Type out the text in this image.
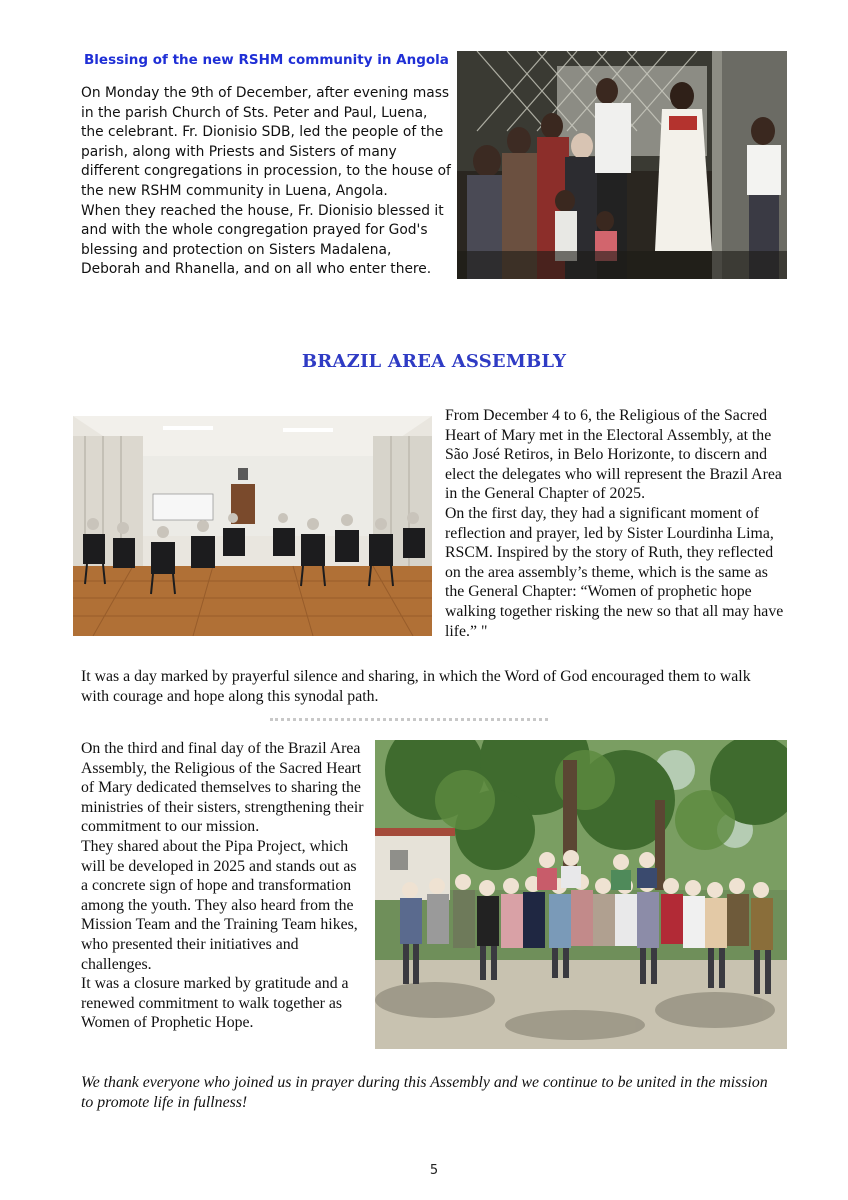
Blessing of the new RSHM community in Angola

On Monday the 9th of December, after evening mass in the parish Church of Sts. Peter and Paul, Luena, the celebrant. Fr. Dionisio SDB, led the people of the parish, along with Priests and Sisters of many different congregations in procession, to the house of the new RSHM community in Luena, Angola.

When they reached the house, Fr. Dionisio blessed it and with the whole congregation prayed for God's blessing and protection on Sisters Madalena, Deborah and Rhanella, and on all who enter there.

BRAZIL AREA ASSEMBLY

From December 4 to 6, the Religious of the Sacred Heart of Mary met in the Electoral Assembly, at the São José Retiros, in Belo Horizonte, to discern and elect the delegates who will represent the Brazil Area in the General Chapter of 2025.

On the first day, they had a significant moment of reflection and prayer, led by Sister Lourdinha Lima, RSCM. Inspired by the story of Ruth, they reflected on the area assembly’s theme, which is the same as the General Chapter: “Women of prophetic hope walking together risking the new so that all may have life.” "

It was a day marked by prayerful silence and sharing, in which the Word of God encouraged them to walk with courage and hope along this synodal path.

On the third and final day of the Brazil Area Assembly, the Religious of the Sacred Heart of Mary dedicated themselves to sharing the ministries of their sisters, strengthening their commitment to our mission.

They shared about the Pipa Project, which will be developed in 2025 and stands out as a concrete sign of hope and transformation among the youth. They also heard from the Mission Team and the Training Team hikes, who presented their initiatives and challenges.

It was a closure marked by gratitude and a renewed commitment to walk together as Women of Prophetic Hope.

We thank everyone who joined us in prayer during this Assembly and we continue to be united in the mission to promote life in fullness!
5
